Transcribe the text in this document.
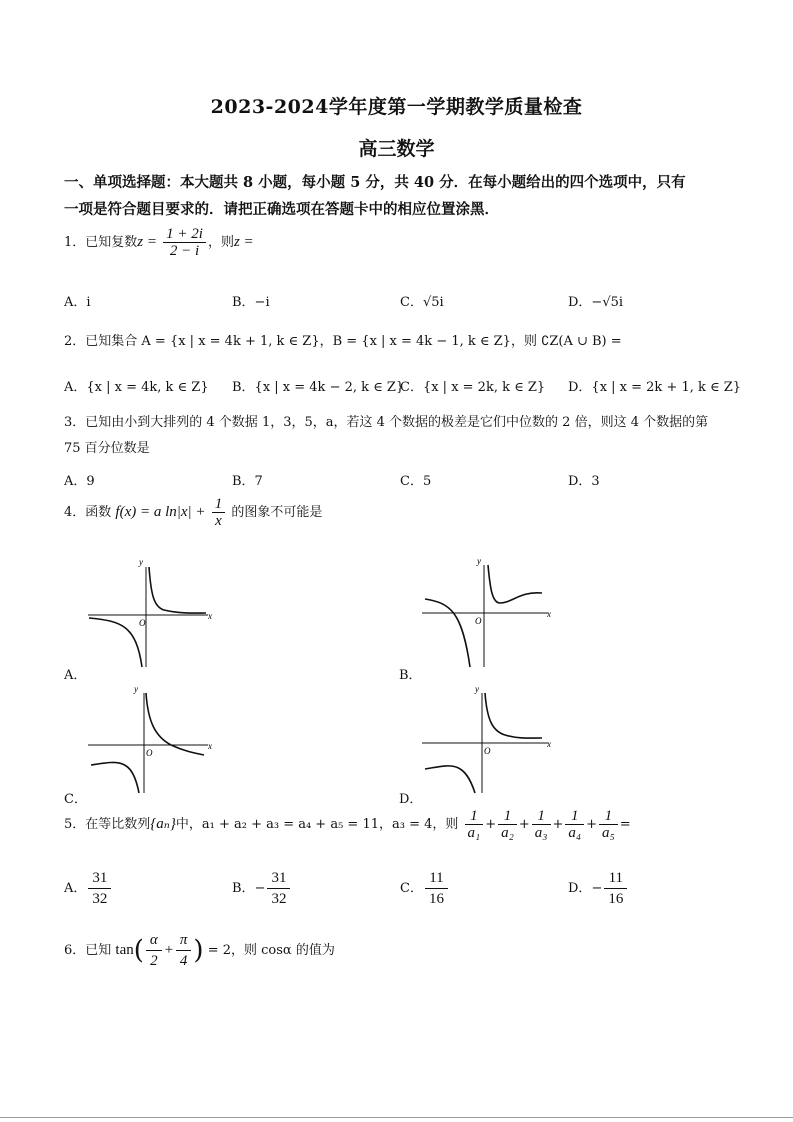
2023-2024学年度第一学期教学质量检查
高三数学
一、单项选择题：本大题共 8 小题，每小题 5 分，共 40 分．在每小题给出的四个选项中，只有
一项是符合题目要求的．请把正确选项在答题卡中的相应位置涂黑．
1．已知复数$z = \frac{1 + 2i}{2 - i}$ ，则z =
A．i	B．−i	C．√5i	D．−√5i
2．已知集合 A = {x | x = 4k + 1, k ∈ Z}，B = {x | x = 4k − 1, k ∈ Z}，则 ∁Z(A ∪ B) =
A．{x | x = 4k, k ∈ Z} B．{x | x = 4k − 2, k ∈ Z}
C．{x | x = 2k, k ∈ Z} D．{x | x = 2k + 1, k ∈ Z}
3．已知由小到大排列的 4 个数据 1，3，5，a，若这 4 个数据的极差是它们中位数的 2 倍，则这 4 个数据的第
75 百分位数是
A．9	B．7	C．5	D．3
4．函数 f(x) = a $\ln|x| + \frac{1}{x}$ 的图象不可能是
y
x
O
A．
y
x
O
B．
y
x
O
C．
y
x
O
D．
5．在等比数列{aₙ}中，a₁ + a₂ + a₃ = a₄ + a₅ = 11，a₃ = 4，则 $\frac{1}{\text{a₁}} + \frac{1}{\text{a₂}} + \frac{1}{\text{a₃}} + \frac{1}{\text{a₄}} + \frac{1}{\text{a₅}}$ =
A． $\frac{31}{32}$	B．− $\frac{31}{32}$	C． $\frac{11}{16}$	D．− $\frac{11}{16}$
6．已知 $\tan( \frac{\alpha}{2} + \frac{\pi}{4}$ ) = 2，则 cosα 的值为
